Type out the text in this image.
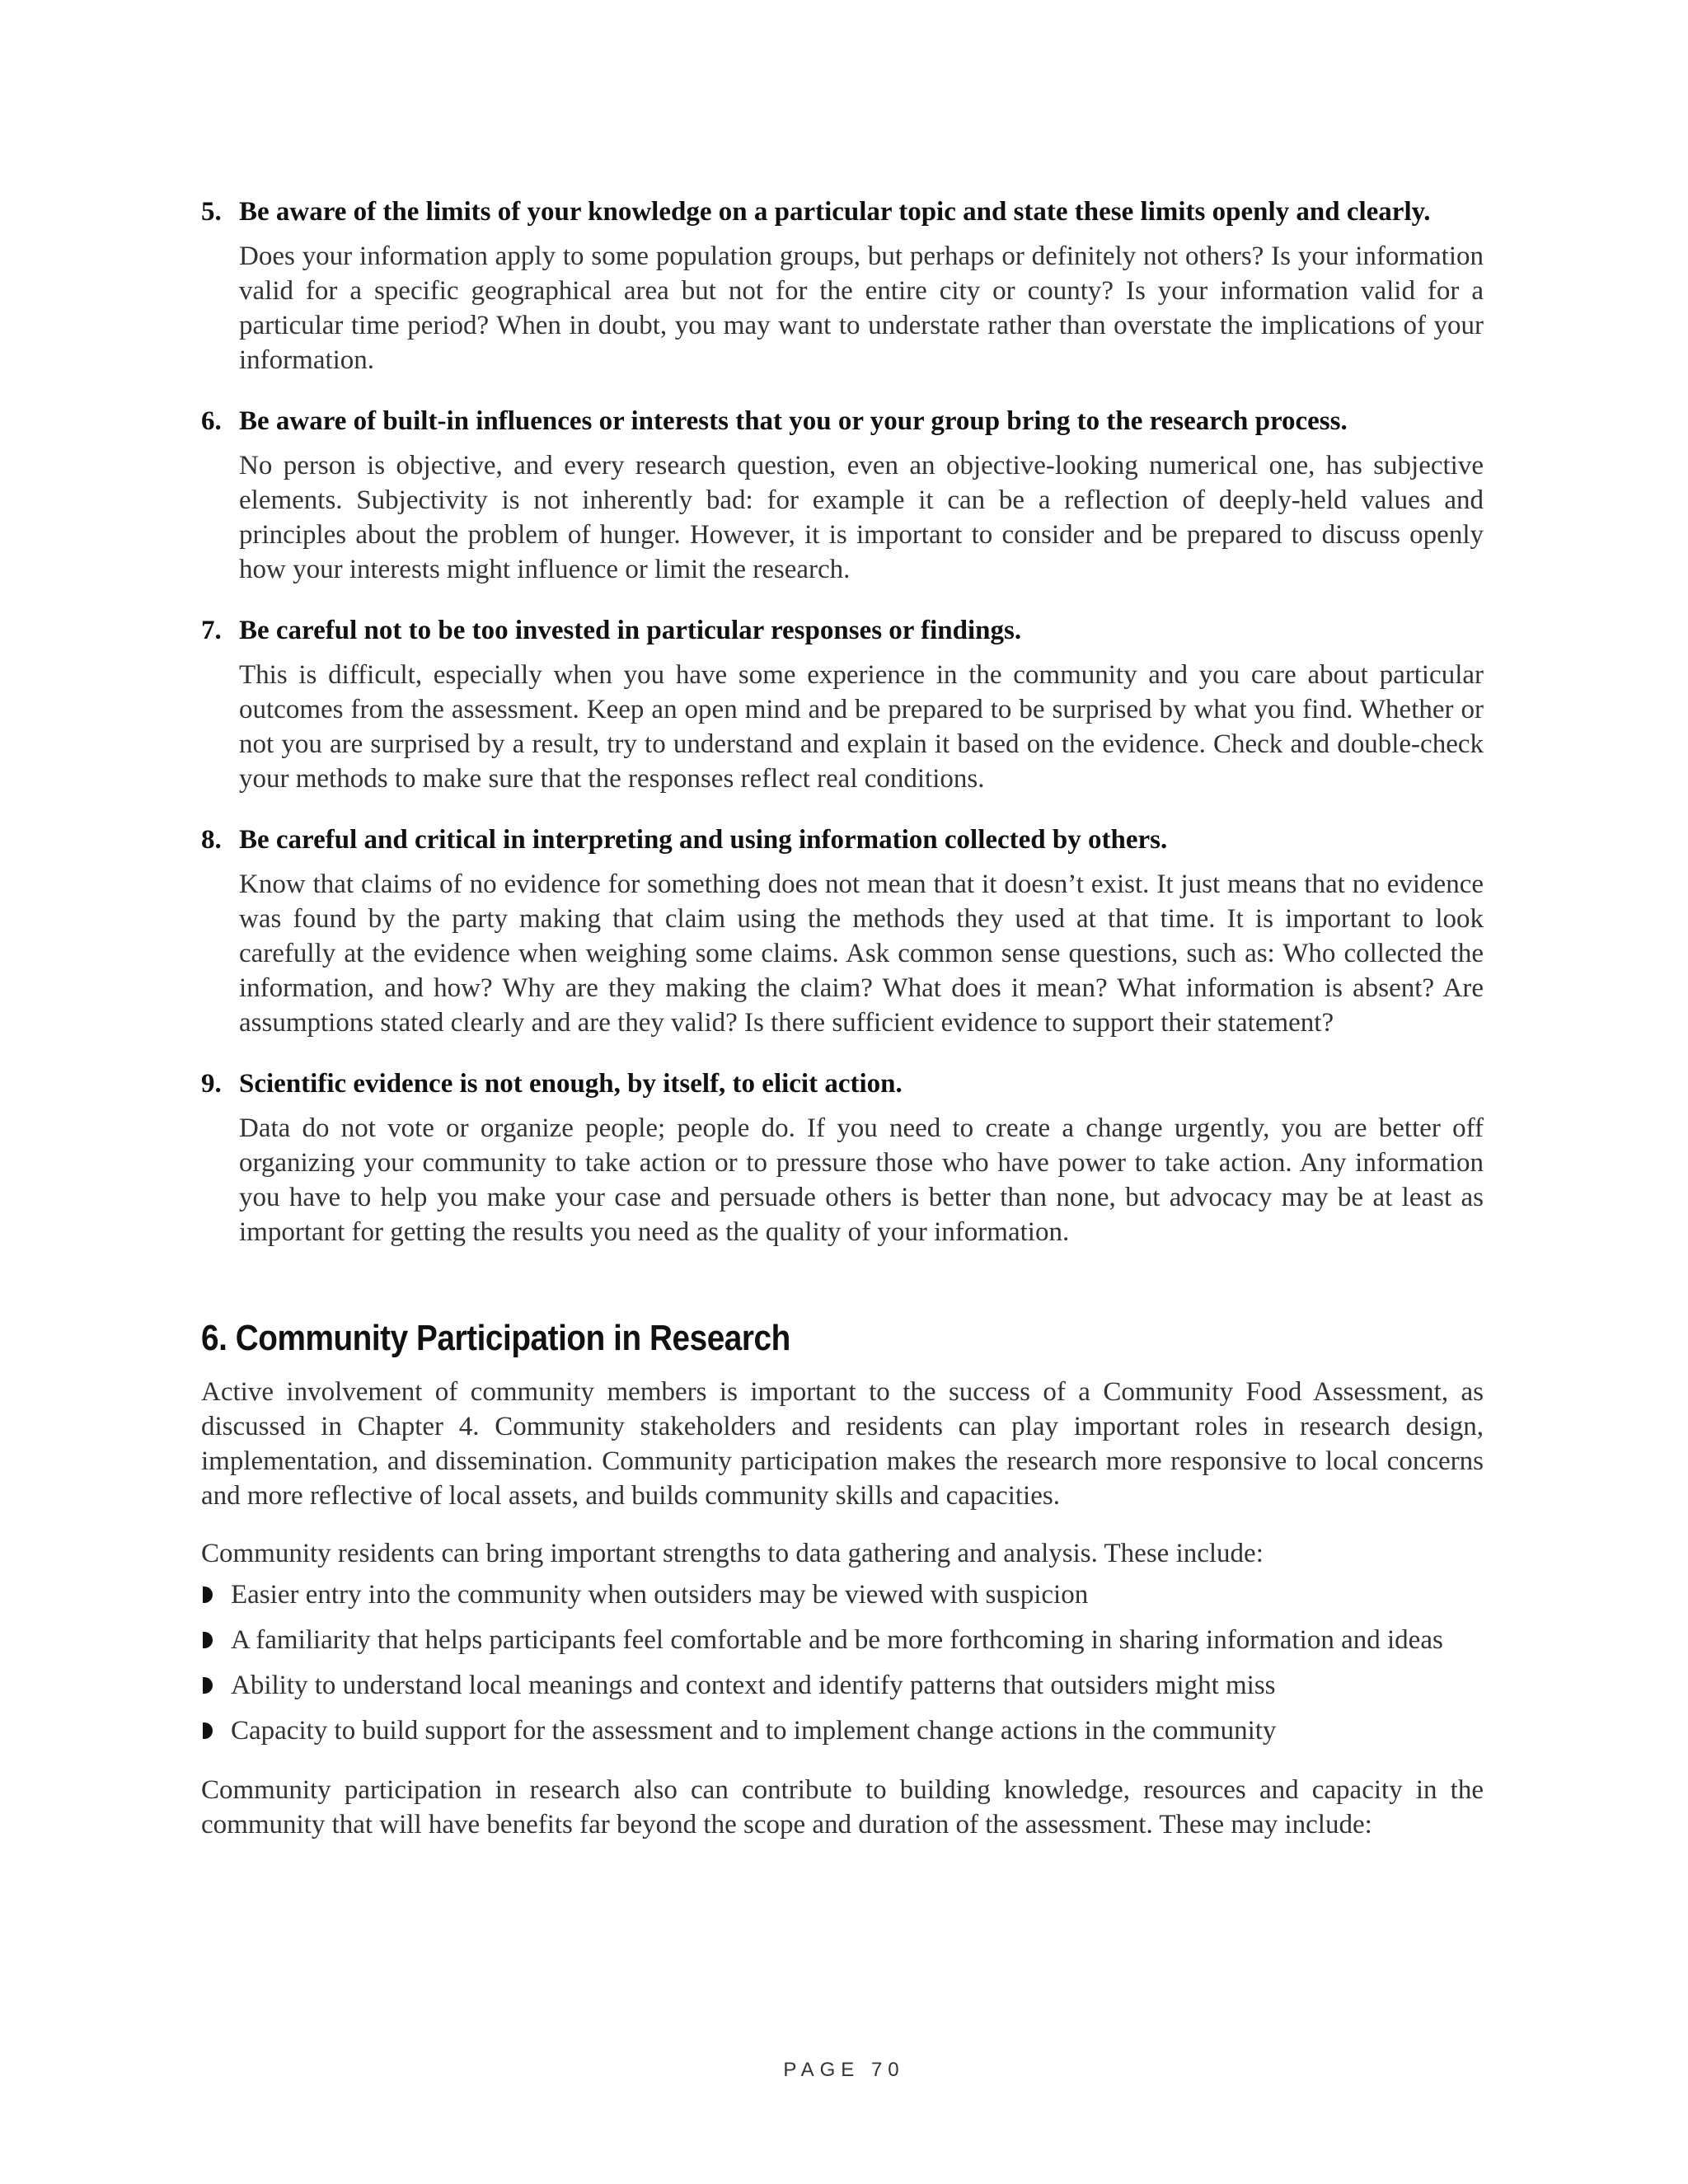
5. Be aware of the limits of your knowledge on a particular topic and state these limits openly and clearly.
Does your information apply to some population groups, but perhaps or definitely not others? Is your information valid for a specific geographical area but not for the entire city or county? Is your information valid for a particular time period? When in doubt, you may want to understate rather than overstate the implications of your information.
6. Be aware of built-in influences or interests that you or your group bring to the research process.
No person is objective, and every research question, even an objective-looking numerical one, has subjective elements. Subjectivity is not inherently bad: for example it can be a reflection of deeply-held values and principles about the problem of hunger. However, it is important to consider and be prepared to discuss openly how your interests might influence or limit the research.
7. Be careful not to be too invested in particular responses or findings.
This is difficult, especially when you have some experience in the community and you care about particular outcomes from the assessment. Keep an open mind and be prepared to be surprised by what you find. Whether or not you are surprised by a result, try to understand and explain it based on the evidence. Check and double-check your methods to make sure that the responses reflect real conditions.
8. Be careful and critical in interpreting and using information collected by others.
Know that claims of no evidence for something does not mean that it doesn’t exist. It just means that no evidence was found by the party making that claim using the methods they used at that time. It is important to look carefully at the evidence when weighing some claims. Ask common sense questions, such as: Who collected the information, and how? Why are they making the claim? What does it mean? What information is absent? Are assumptions stated clearly and are they valid? Is there sufficient evidence to support their statement?
9. Scientific evidence is not enough, by itself, to elicit action.
Data do not vote or organize people; people do. If you need to create a change urgently, you are better off organizing your community to take action or to pressure those who have power to take action. Any information you have to help you make your case and persuade others is better than none, but advocacy may be at least as important for getting the results you need as the quality of your information.
6. Community Participation in Research

Active involvement of community members is important to the success of a Community Food Assessment, as discussed in Chapter 4. Community stakeholders and residents can play important roles in research design, implementation, and dissemination. Community participation makes the research more responsive to local concerns and more reflective of local assets, and builds community skills and capacities.

Community residents can bring important strengths to data gathering and analysis. These include:

Easier entry into the community when outsiders may be viewed with suspicion
A familiarity that helps participants feel comfortable and be more forthcoming in sharing information and ideas
Ability to understand local meanings and context and identify patterns that outsiders might miss
Capacity to build support for the assessment and to implement change actions in the community

Community participation in research also can contribute to building knowledge, resources and capacity in the community that will have benefits far beyond the scope and duration of the assessment. These may include:

PAGE 70
